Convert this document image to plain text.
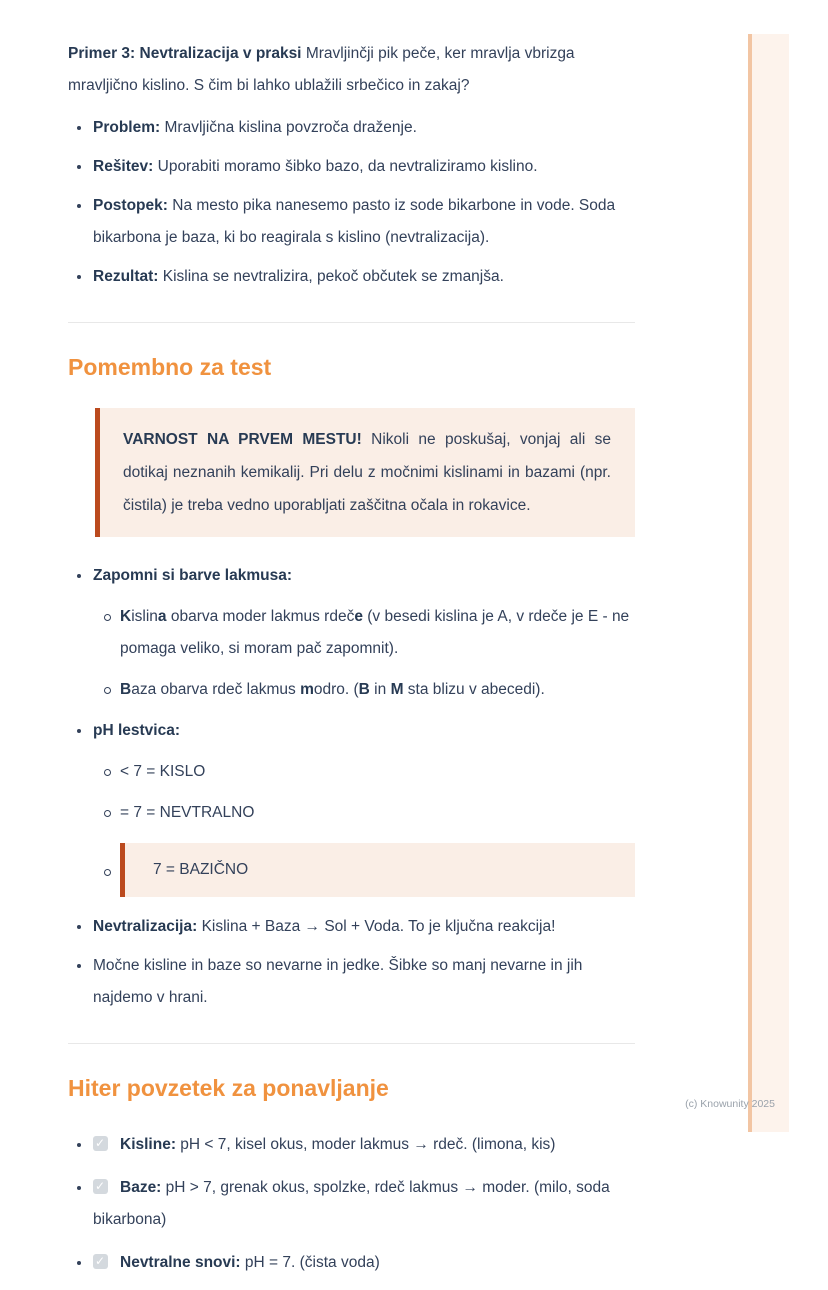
Primer 3: Nevtralizacija v praksi Mravljinčji pik peče, ker mravlja vbrizga mravljično kislino. S čim bi lahko ublažili srbečico in zakaj?

Problem: Mravljična kislina povzroča draženje.
Rešitev: Uporabiti moramo šibko bazo, da nevtraliziramo kislino.
Postopek: Na mesto pika nanesemo pasto iz sode bikarbone in vode. Soda bikarbona je baza, ki bo reagirala s kislino (nevtralizacija).
Rezultat: Kislina se nevtralizira, pekoč občutek se zmanjša.
Pomembno za test
VARNOST NA PRVEM MESTU! Nikoli ne poskušaj, vonjaj ali se dotikaj neznanih kemikalij. Pri delu z močnimi kislinami in bazami (npr. čistila) je treba vedno uporabljati zaščitna očala in rokavice.
Zapomni si barve lakmusa:
Kislina obarva moder lakmus rdeče (v besedi kislina je A, v rdeče je E - ne pomaga veliko, si moram pač zapomnit).
Baza obarva rdeč lakmus modro. (B in M sta blizu v abecedi).
pH lestvica:
< 7 = KISLO
= 7 = NEVTRALNO
7 = BAZIČNO
Nevtralizacija: Kislina + Baza → Sol + Voda. To je ključna reakcija!
Močne kisline in baze so nevarne in jedke. Šibke so manj nevarne in jih najdemo v hrani.
Hiter povzetek za ponavljanje
✓ Kisline: pH < 7, kisel okus, moder lakmus → rdeč. (limona, kis)
✓ Baze: pH > 7, grenak okus, spolzke, rdeč lakmus → moder. (milo, soda bikarbona)
✓ Nevtralne snovi: pH = 7. (čista voda)
(c) Knowunity 2025
